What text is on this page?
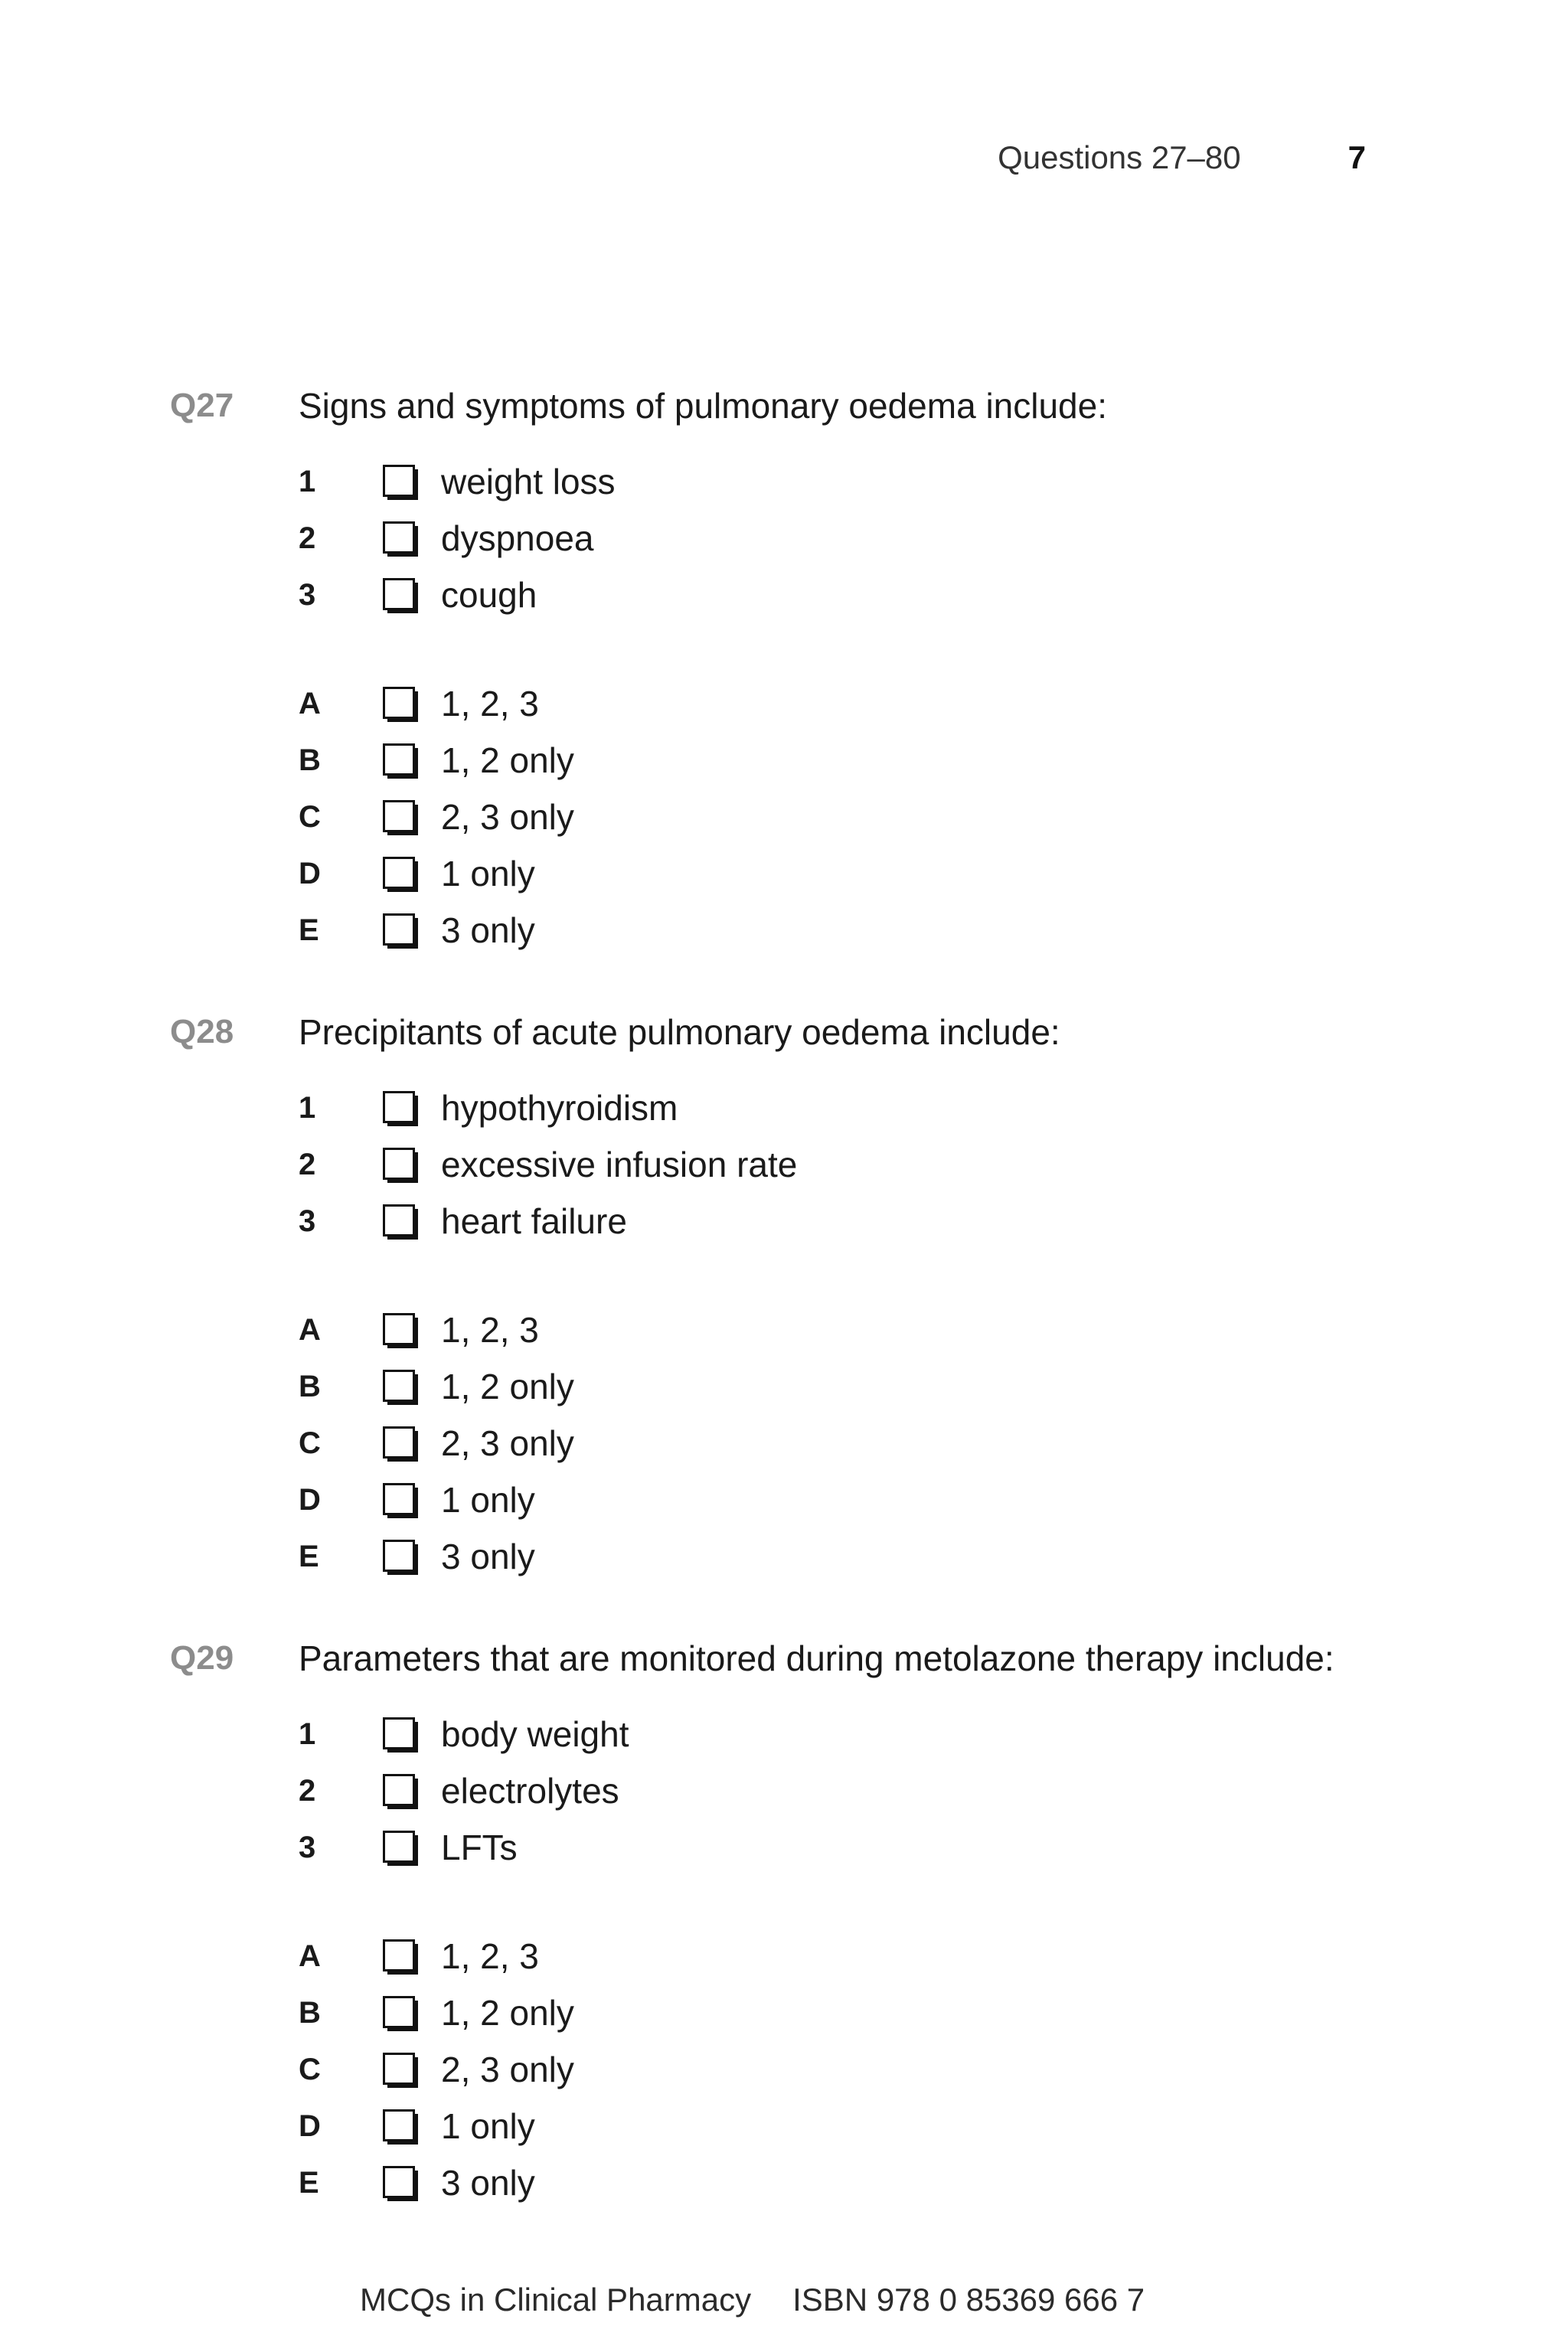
Questions 27–80	7
Q27 Signs and symptoms of pulmonary oedema include:
1	weight loss
2	dyspnoea
3	cough
A	1, 2, 3
B	1, 2 only
C	2, 3 only
D	1 only
E	3 only
Q28 Precipitants of acute pulmonary oedema include:
1	hypothyroidism
2	excessive infusion rate
3	heart failure
A	1, 2, 3
B	1, 2 only
C	2, 3 only
D	1 only
E	3 only
Q29 Parameters that are monitored during metolazone therapy include:
1	body weight
2	electrolytes
3	LFTs
A	1, 2, 3
B	1, 2 only
C	2, 3 only
D	1 only
E	3 only
MCQs in Clinical Pharmacy ISBN 978 0 85369 666 7
